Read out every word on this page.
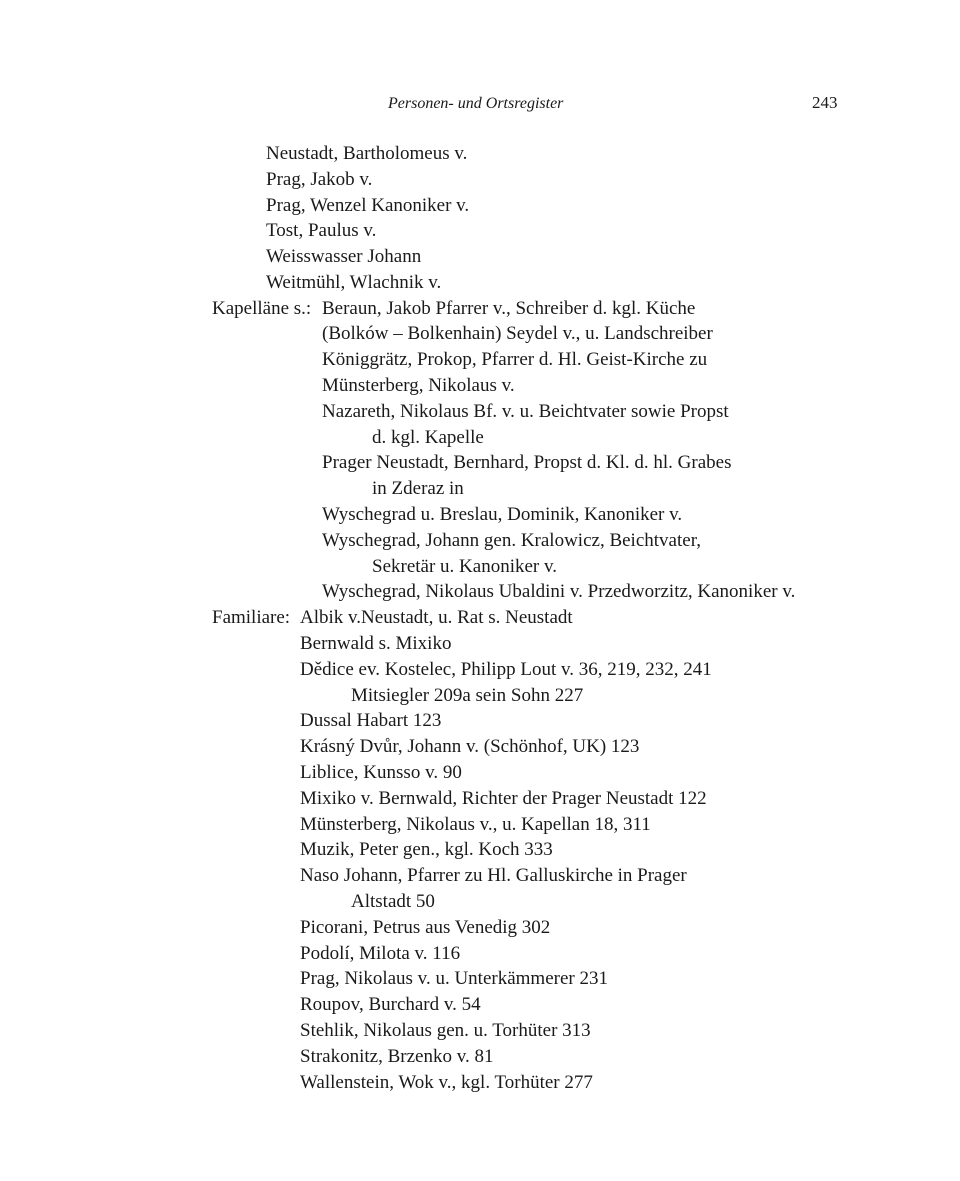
Personen- und Ortsregister	243
Neustadt, Bartholomeus v.
Prag, Jakob v.
Prag, Wenzel Kanoniker v.
Tost, Paulus v.
Weisswasser Johann
Weitmühl, Wlachnik v.
Kapelläne s.: Beraun, Jakob Pfarrer v., Schreiber d. kgl. Küche
(Bolków – Bolkenhain) Seydel v., u. Landschreiber
Königgrätz, Prokop, Pfarrer d. Hl. Geist-Kirche zu
Münsterberg, Nikolaus v.
Nazareth, Nikolaus Bf. v. u. Beichtvater sowie Propst
d. kgl. Kapelle
Prager Neustadt, Bernhard, Propst d. Kl. d. hl. Grabes
in Zderaz in
Wyschegrad u. Breslau, Dominik, Kanoniker v.
Wyschegrad, Johann gen. Kralowicz, Beichtvater,
Sekretär u. Kanoniker v.
Wyschegrad, Nikolaus Ubaldini v. Przedworzitz, Kanoniker v.
Familiare: Albik v.Neustadt, u. Rat s. Neustadt
Bernwald s. Mixiko
Dědice ev. Kostelec, Philipp Lout v. 36, 219, 232, 241
Mitsiegler 209a sein Sohn 227
Dussal Habart 123
Krásný Dvůr, Johann v. (Schönhof, UK) 123
Liblice, Kunsso v. 90
Mixiko v. Bernwald, Richter der Prager Neustadt 122
Münsterberg, Nikolaus v., u. Kapellan 18, 311
Muzik, Peter gen., kgl. Koch 333
Naso Johann, Pfarrer zu Hl. Galluskirche in Prager
Altstadt 50
Picorani, Petrus aus Venedig 302
Podolí, Milota v. 116
Prag, Nikolaus v. u. Unterkämmerer 231
Roupov, Burchard v. 54
Stehlik, Nikolaus gen. u. Torhüter 313
Strakonitz, Brzenko v. 81
Wallenstein, Wok v., kgl. Torhüter 277
